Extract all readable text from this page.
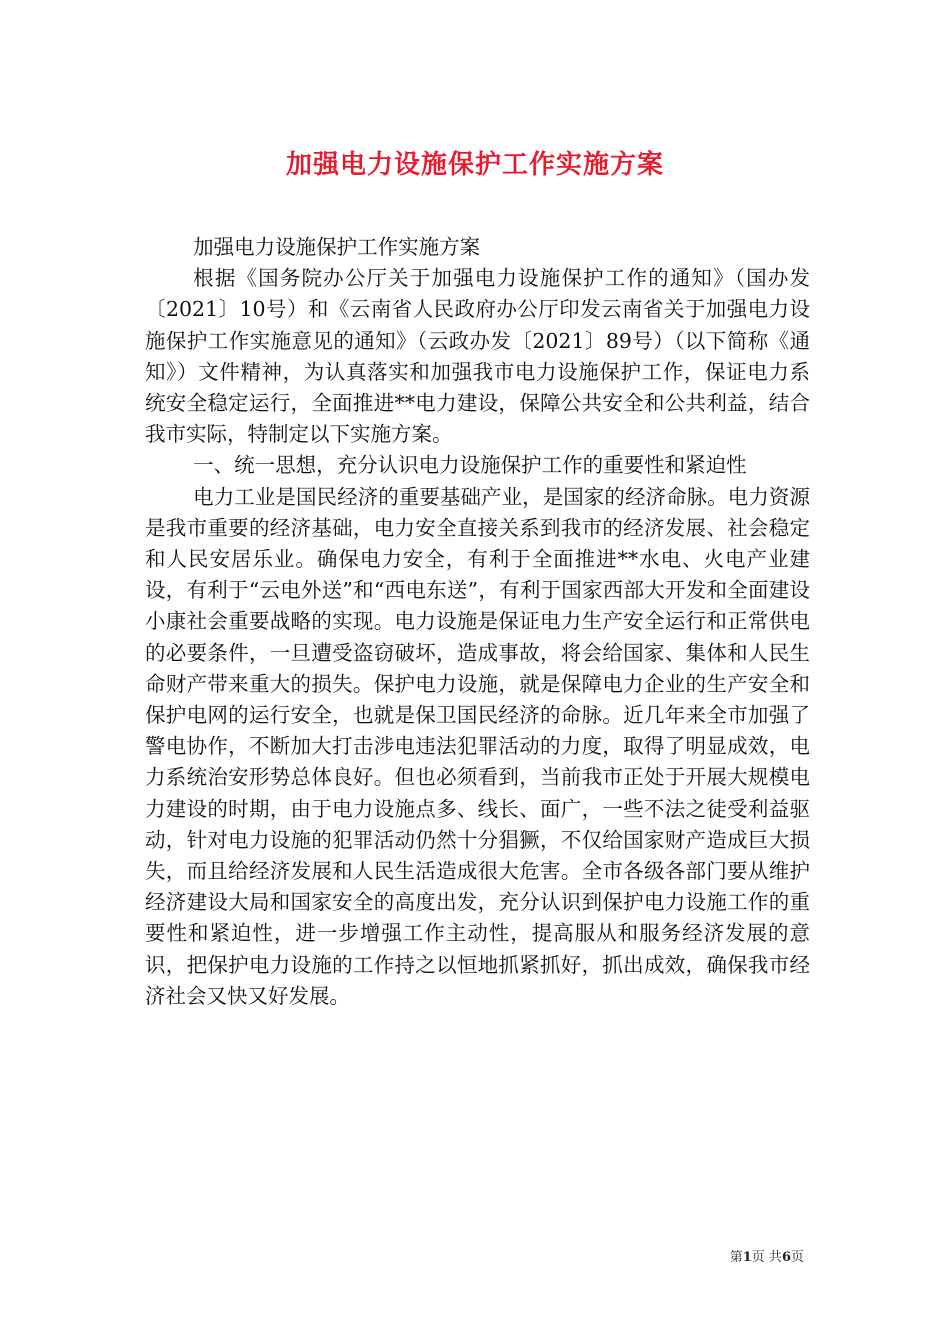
加强电力设施保护工作实施方案

加强电力设施保护工作实施方案

根据《国务院办公厅关于加强电力设施保护工作的通知》（国办发〔2021〕10号）和《云南省人民政府办公厅印发云南省关于加强电力设施保护工作实施意见的通知》（云政办发〔2021〕89号）（以下简称《通知》）文件精神，为认真落实和加强我市电力设施保护工作，保证电力系统安全稳定运行，全面推进**电力建设，保障公共安全和公共利益，结合我市实际，特制定以下实施方案。

一、统一思想，充分认识电力设施保护工作的重要性和紧迫性

电力工业是国民经济的重要基础产业，是国家的经济命脉。电力资源是我市重要的经济基础，电力安全直接关系到我市的经济发展、社会稳定和人民安居乐业。确保电力安全，有利于全面推进**水电、火电产业建设，有利于“云电外送”和“西电东送”，有利于国家西部大开发和全面建设小康社会重要战略的实现。电力设施是保证电力生产安全运行和正常供电的必要条件，一旦遭受盗窃破坏，造成事故，将会给国家、集体和人民生命财产带来重大的损失。保护电力设施，就是保障电力企业的生产安全和保护电网的运行安全，也就是保卫国民经济的命脉。近几年来全市加强了警电协作，不断加大打击涉电违法犯罪活动的力度，取得了明显成效，电力系统治安形势总体良好。但也必须看到，当前我市正处于开展大规模电力建设的时期，由于电力设施点多、线长、面广，一些不法之徒受利益驱动，针对电力设施的犯罪活动仍然十分猖獗，不仅给国家财产造成巨大损失，而且给经济发展和人民生活造成很大危害。全市各级各部门要从维护经济建设大局和国家安全的高度出发，充分认识到保护电力设施工作的重要性和紧迫性，进一步增强工作主动性，提高服从和服务经济发展的意识，把保护电力设施的工作持之以恒地抓紧抓好，抓出成效，确保我市经济社会又快又好发展。

第1页 共6页
